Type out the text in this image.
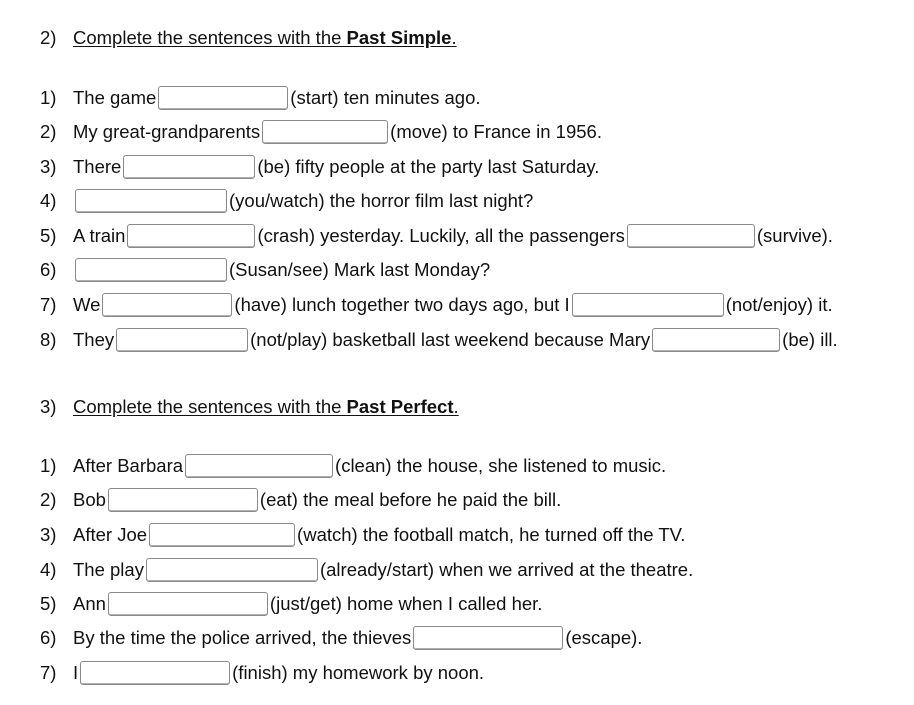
2) Complete the sentences with the Past Simple.
1) The game	(start) ten minutes ago.
2) My great-grandparents	(move) to France in 1956.
3) There	(be) fifty people at the party last Saturday.
4)	(you/watch) the horror film last night?
5) A train	(crash) yesterday. Luckily, all the passengers	(survive).
6)	(Susan/see) Mark last Monday?
7) We	(have) lunch together two days ago, but I	(not/enjoy) it.
8) They	(not/play) basketball last weekend because Mary	(be) ill.
3) Complete the sentences with the Past Perfect.
1) After Barbara	(clean) the house, she listened to music.
2) Bob	(eat) the meal before he paid the bill.
3) After Joe	(watch) the football match, he turned off the TV.
4) The play	(already/start) when we arrived at the theatre.
5) Ann	(just/get) home when I called her.
6) By the time the police arrived, the thieves	(escape).
7) I	(finish) my homework by noon.
